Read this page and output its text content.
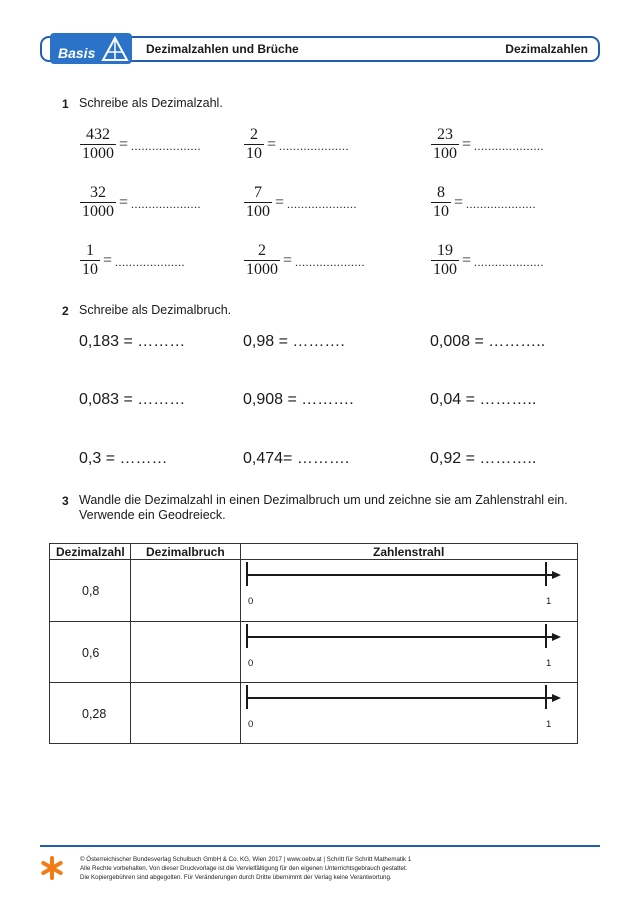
Basis	Dezimalzahlen und Brüche	Dezimalzahlen
1 Schreibe als Dezimalzahl.
$\frac{432}{1000}$ = ....................	$\frac{2}{10}$ = ....................	$\frac{23}{100}$ = ....................
$\frac{32}{1000}$ = ....................	$\frac{7}{100}$ = ....................	$\frac{8}{10}$ = ....................
$\frac{1}{10}$ = ....................	$\frac{2}{1000}$ = ....................	$\frac{19}{100}$ = ....................
2 Schreibe als Dezimalbruch.
0,183 = ………	0,98 = ……….	0,008 = ………..
0,083 = ………	0,908 = ……….	0,04 = ………..
0,3 = ………	0,474= ……….	0,92 = ………..
3 Wandle die Dezimalzahl in einen Dezimalbruch um und zeichne sie am Zahlenstrahl ein.
Verwende ein Geodreieck.
Dezimalzahl Dezimalbruch	Zahlenstrahl
0,8
0	1
0,6
0	1
0,28
0	1
© Österreichischer Bundesverlag Schulbuch GmbH & Co. KG, Wien 2017 | www.oebv.at | Schritt für Schritt Mathematik 1
Alle Rechte vorbehalten. Von dieser Druckvorlage ist die Vervielfältigung für den eigenen Unterrichtsgebrauch gestattet.
Die Kopiergebühren sind abgegolten. Für Veränderungen durch Dritte übernimmt der Verlag keine Verantwortung.
